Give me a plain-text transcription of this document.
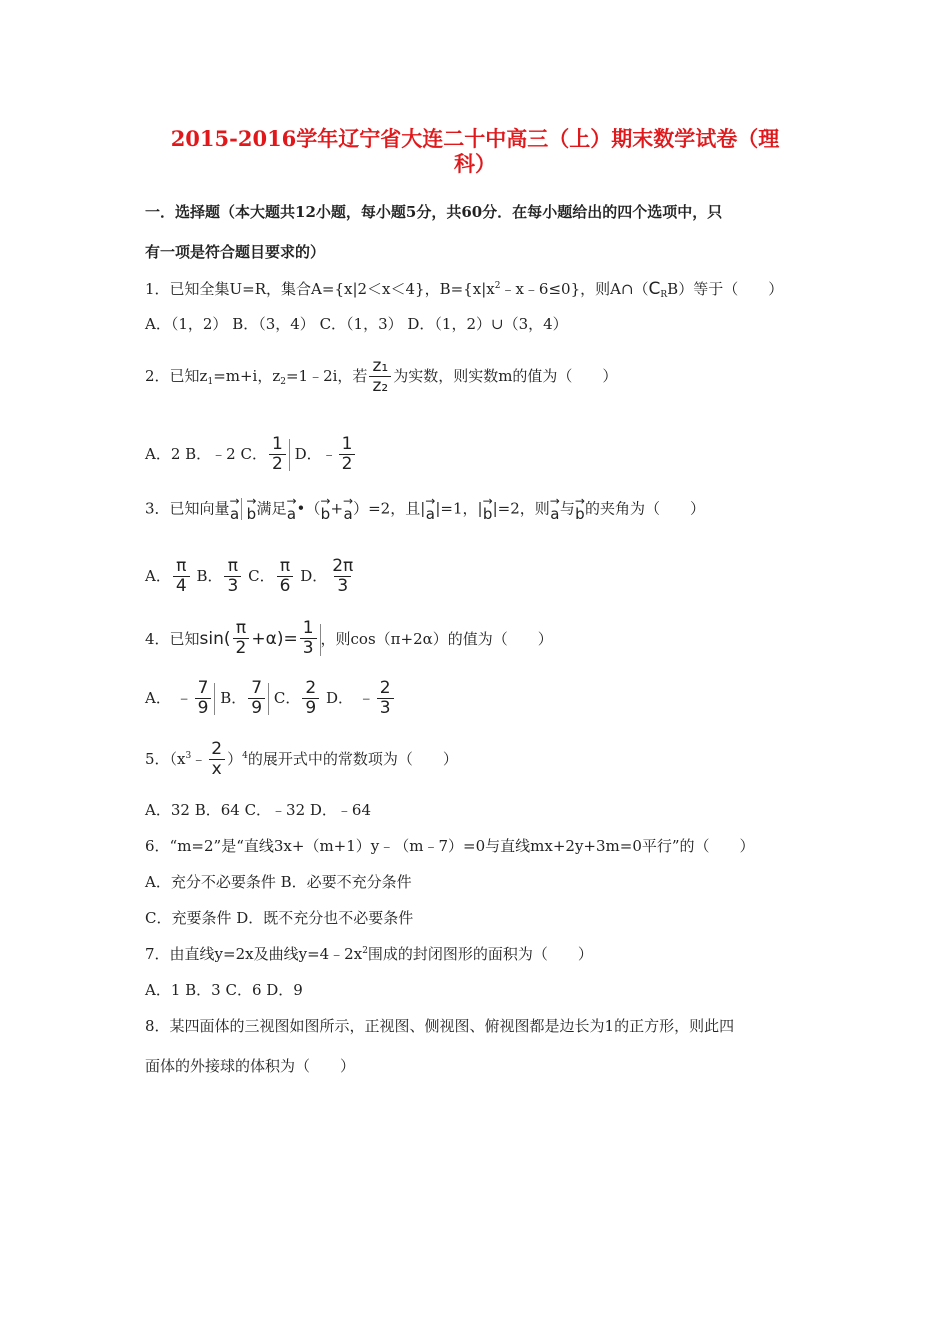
2015-2016学年辽宁省大连二十中高三（上）期末数学试卷（理
科）
一．选择题（本大题共12小题，每小题5分，共60分．在每小题给出的四个选项中，只
有一项是符合题目要求的）
1．已知全集U=R，集合A={x|2＜x＜4}，$B=\{x|x^2﹣x﹣6\le 0\}$，则$A\cap(C_RB)$等于（　　）
A．（1，2） B．（3，4） C．（1，3） D．（1，2）∪（3，4）
2．已知$z_1=m+i$，$z_2=1﹣2i$，若 $\frac{\text{z₁}}{\text{z₂}}$ 为实数，则实数m的值为（　　）
A．2 B．﹣2 C． $\frac{1}{2}$ D．﹣ $\frac{1}{2}$
3．已知向量 →
a

→
b 满足 →
a •（ →
b + →
a ）=2，且| →
a |=1，| →
b |=2，则 →
a 与 →
b 的夹角为（　　）
A． $\frac{\pi}{4}$ B． $\frac{\pi}{3}$ C． $\frac{\pi}{6}$ D． $\frac{2\pi}{3}$
4．已知$\sin( \frac{\pi}{2} +\alpha)= \frac{1}{3}$ ，则cos（π+2α）的值为（　　）
A． ﹣ $\frac{7}{9}$ B． $\frac{7}{9}$ C． $\frac{2}{9}$ D． ﹣ $\frac{2}{3}$
5．$(x^3﹣ \frac{2}{x} )^4$的展开式中的常数项为（　　）
A．32 B．64 C．﹣32 D．﹣64
6．“m=2”是“直线3x+（m+1）y﹣（m﹣7）=0与直线mx+2y+3m=0平行”的（　　）
A．充分不必要条件 B．必要不充分条件
C．充要条件 D．既不充分也不必要条件
7．由直线y=2x及曲线$y=4﹣2x^2$围成的封闭图形的面积为（　　）
A．1 B．3 C．6 D．9
8．某四面体的三视图如图所示，正视图、侧视图、俯视图都是边长为1的正方形，则此四
面体的外接球的体积为（　　）
